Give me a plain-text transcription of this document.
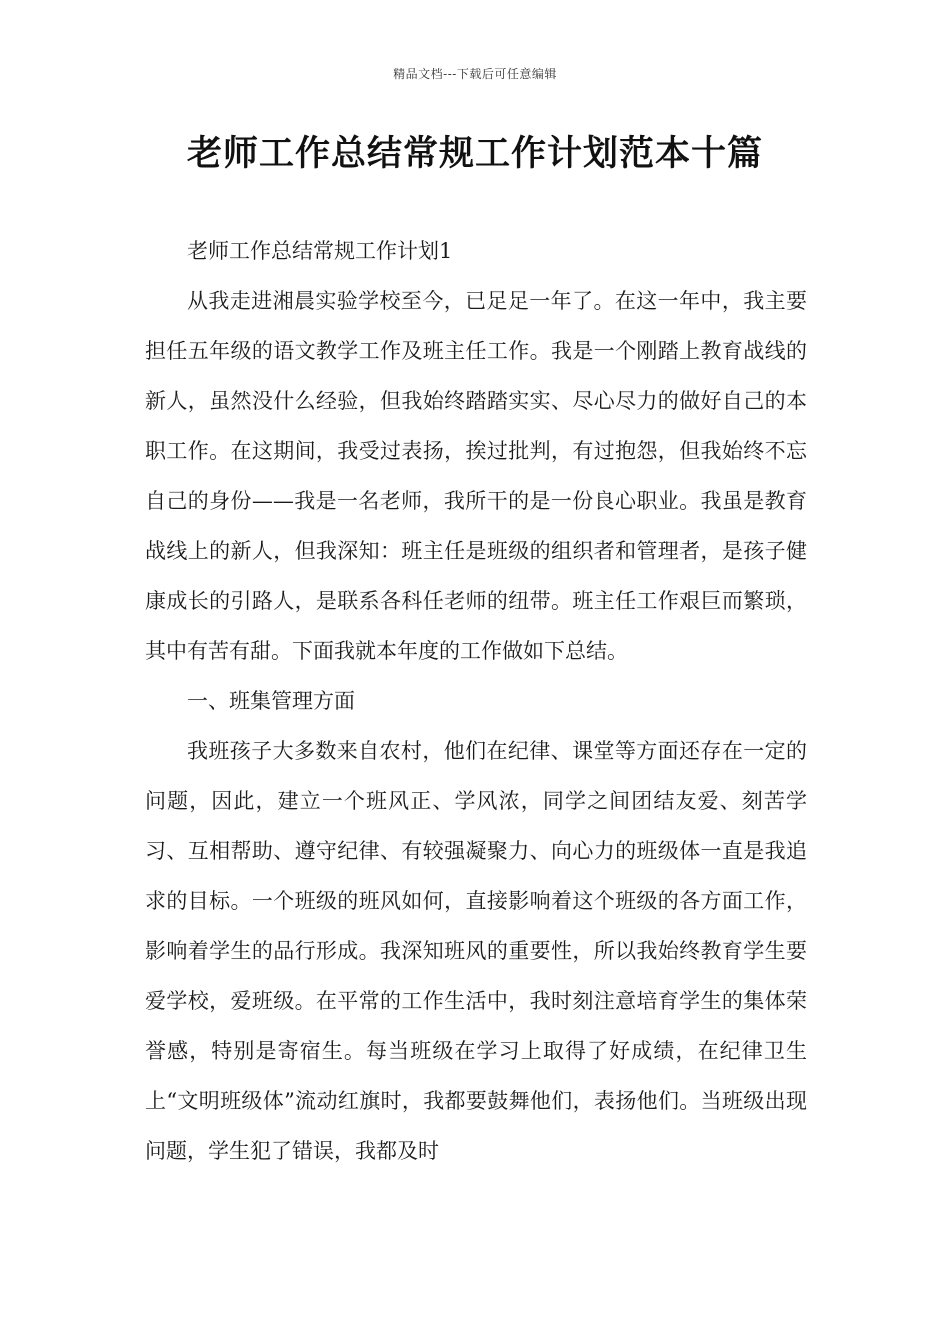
精品文档---下载后可任意编辑
老师工作总结常规工作计划范本十篇

老师工作总结常规工作计划1

从我走进湘晨实验学校至今，已足足一年了。在这一年中，我主要担任五年级的语文教学工作及班主任工作。我是一个刚踏上教育战线的新人，虽然没什么经验，但我始终踏踏实实、尽心尽力的做好自己的本职工作。在这期间，我受过表扬，挨过批判，有过抱怨，但我始终不忘自己的身份——我是一名老师，我所干的是一份良心职业。我虽是教育战线上的新人，但我深知：班主任是班级的组织者和管理者，是孩子健康成长的引路人，是联系各科任老师的纽带。班主任工作艰巨而繁琐，其中有苦有甜。下面我就本年度的工作做如下总结。

一、班集管理方面

我班孩子大多数来自农村，他们在纪律、课堂等方面还存在一定的问题，因此，建立一个班风正、学风浓，同学之间团结友爱、刻苦学习、互相帮助、遵守纪律、有较强凝聚力、向心力的班级体一直是我追求的目标。一个班级的班风如何，直接影响着这个班级的各方面工作，影响着学生的品行形成。我深知班风的重要性，所以我始终教育学生要爱学校，爱班级。在平常的工作生活中，我时刻注意培育学生的集体荣誉感，特别是寄宿生。每当班级在学习上取得了好成绩，在纪律卫生上“文明班级体”流动红旗时，我都要鼓舞他们，表扬他们。当班级出现问题，学生犯了错误，我都及时
